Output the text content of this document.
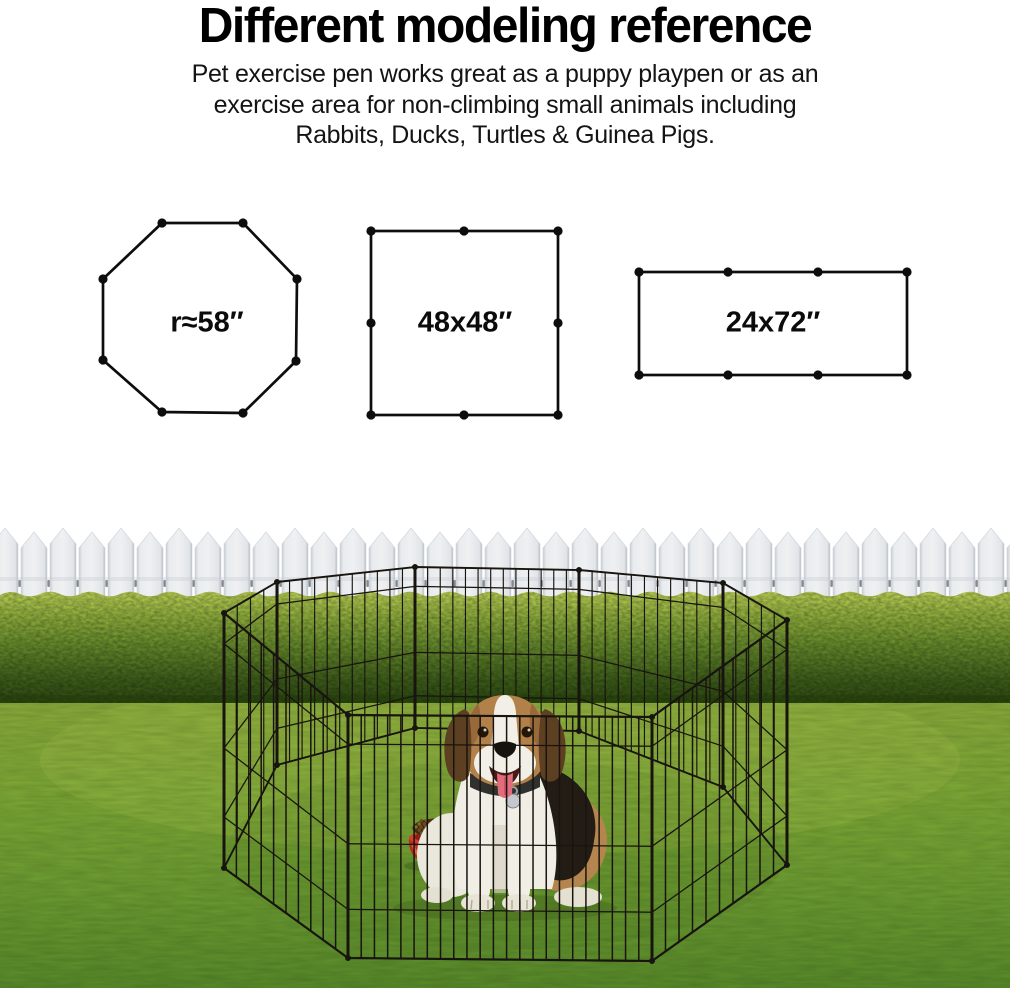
Different modeling reference
Pet exercise pen works great as a puppy playpen or as an
exercise area for non-climbing small animals including
Rabbits, Ducks, Turtles & Guinea Pigs.
r≈58″	48x48″	24x72″
